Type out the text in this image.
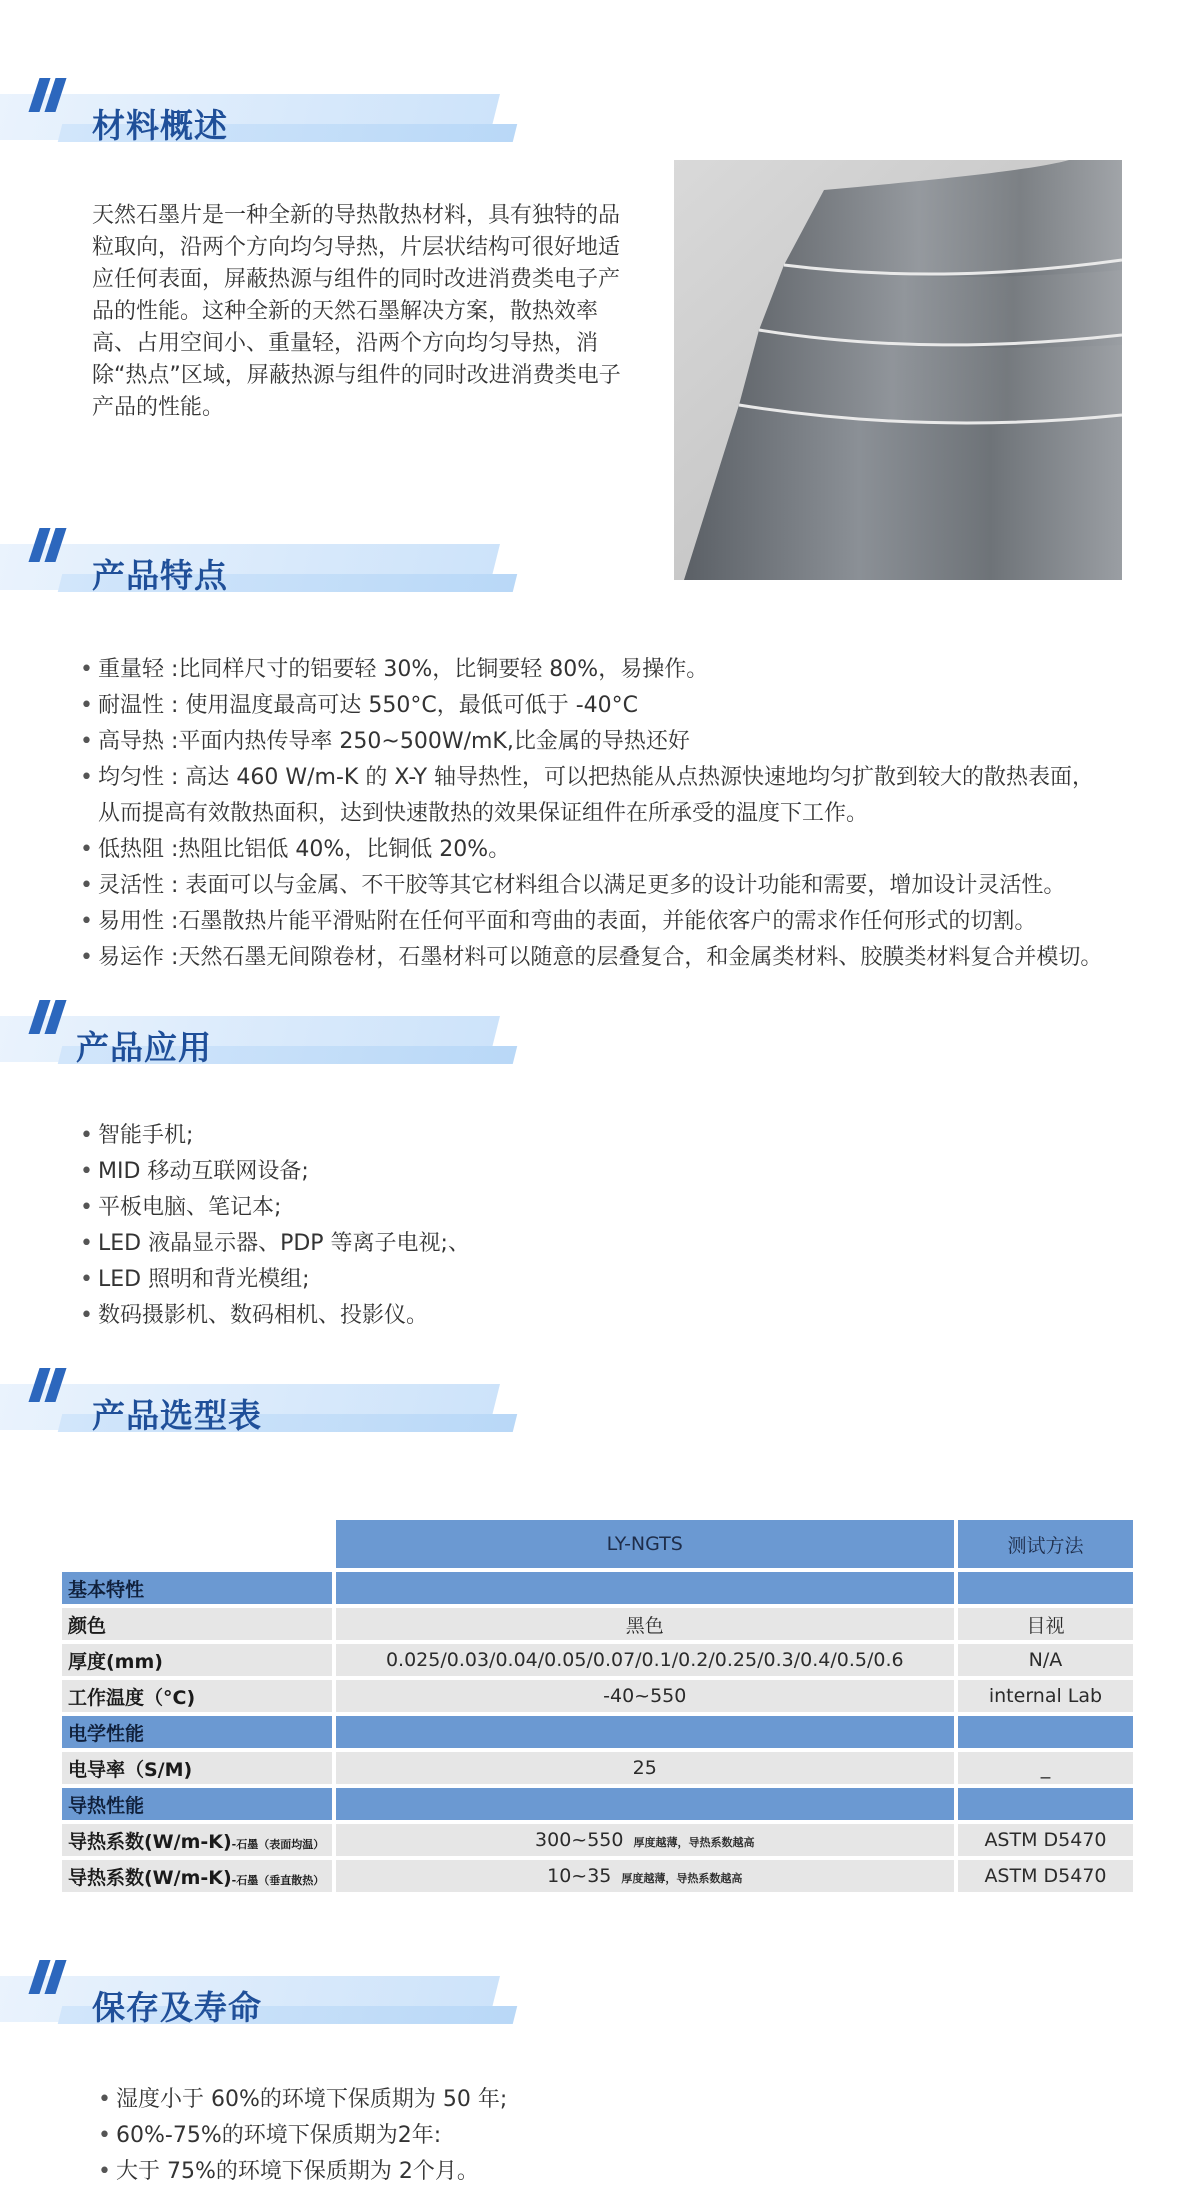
材料概述
天然石墨片是一种全新的导热散热材料，具有独特的品粒取向，沿两个方向均匀导热，片层状结构可很好地适应任何表面，屏蔽热源与组件的同时改进消费类电子产品的性能。这种全新的天然石墨解决方案，散热效率高、占用空间小、重量轻，沿两个方向均匀导热，消除“热点”区域，屏蔽热源与组件的同时改进消费类电子产品的性能。
产品特点
• 重量轻 :比同样尺寸的铝要轻 30%，比铜要轻 80%，易操作。
• 耐温性 : 使用温度最高可达 550°C，最低可低于 -40°C
• 高导热 :平面内热传导率 250~500W/mK,比金属的导热还好
• 均匀性 : 高达 460 W/m-K 的 X-Y 轴导热性，可以把热能从点热源快速地均匀扩散到较大的散热表面，
从而提高有效散热面积，达到快速散热的效果保证组件在所承受的温度下工作。
• 低热阻 :热阻比铝低 40%，比铜低 20%。
• 灵活性 : 表面可以与金属、不干胶等其它材料组合以满足更多的设计功能和需要，增加设计灵活性。
• 易用性 :石墨散热片能平滑贴附在任何平面和弯曲的表面，并能依客户的需求作任何形式的切割。
• 易运作 :天然石墨无间隙卷材，石墨材料可以随意的层叠复合，和金属类材料、胶膜类材料复合并模切。
产品应用
• 智能手机;
• MID 移动互联网设备;
• 平板电脑、笔记本;
• LED 液晶显示器、PDP 等离子电视;、
• LED 照明和背光模组;
• 数码摄影机、数码相机、投影仪。
产品选型表
	LY-NGTS	测试方法
基本特性		
颜色	黑色	目视
厚度(mm)	0.025/0.03/0.04/0.05/0.07/0.1/0.2/0.25/0.3/0.4/0.5/0.6	N/A
工作温度（°C)	-40~550	internal Lab
电学性能		
电导率（S/M)	25	_
导热性能		
导热系数(W/m-K)-石墨（表面均温）	300~550 厚度越薄，导热系数越高	ASTM D5470
导热系数(W/m-K)-石墨（垂直散热）	10~35 厚度越薄，导热系数越高	ASTM D5470
保存及寿命
• 湿度小于 60%的环境下保质期为 50 年;
• 60%-75%的环境下保质期为2年:
• 大于 75%的环境下保质期为 2个月。
